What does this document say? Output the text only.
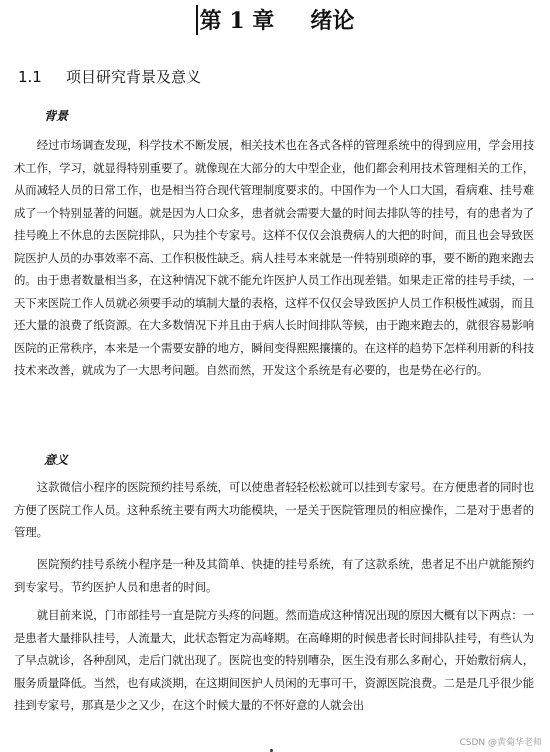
第 1 章 绪论
1.1 项目研究背景及意义
背景

经过市场调查发现，科学技术不断发展，相关技术也在各式各样的管理系统中的得到应用，学会用技术工作，学习，就显得特别重要了。就像现在大部分的大中型企业，他们都会利用技术管理相关的工作，从而减轻人员的日常工作，也是相当符合现代管理制度要求的。中国作为一个人口大国，看病难、挂号难成了一个特别显著的问题。就是因为人口众多，患者就会需要大量的时间去排队等的挂号，有的患者为了挂号晚上不休息的去医院排队，只为挂个专家号。这样不仅仅会浪费病人的大把的时间，而且也会导致医院医护人员的办事效率不高、工作积极性缺乏。病人挂号本来就是一件特别琐碎的事，要不断的跑来跑去的。由于患者数量相当多，在这种情况下就不能允许医护人员工作出现差错。如果走正常的挂号手续，一天下来医院工作人员就必须要手动的填制大量的表格，这样不仅仅会导致医护人员工作积极性减弱，而且还大量的浪费了纸资源。在大多数情况下并且由于病人长时间排队等候，由于跑来跑去的，就很容易影响医院的正常秩序，本来是一个需要安静的地方，瞬间变得熙熙攘攘的。在这样的趋势下怎样利用新的科技技术来改善，就成为了一大思考问题。自然而然，开发这个系统是有必要的，也是势在必行的。

意义

这款微信小程序的医院预约挂号系统，可以使患者轻轻松松就可以挂到专家号。在方便患者的同时也方便了医院工作人员。这种系统主要有两大功能模块，一是关于医院管理员的相应操作，二是对于患者的管理。

医院预约挂号系统小程序是一种及其简单、快捷的挂号系统，有了这款系统，患者足不出户就能预约到专家号。节约医护人员和患者的时间。

就目前来说，门市部挂号一直是院方头疼的问题。然而造成这种情况出现的原因大概有以下两点：一是患者大量排队挂号，人流量大，此状态暂定为高峰期。在高峰期的时候患者长时间排队挂号，有些认为了早点就诊，各种刮风，走后门就出现了。医院也变的特别嘈杂，医生没有那么多耐心，开始敷衍病人，服务质量降低。当然，也有咸淡期，在这期间医护人员闲的无事可干，资源医院浪费。二是是几乎很少能挂到专家号，那真是少之又少，在这个时候大量的不怀好意的人就会出

CSDN @黄菊华老师
